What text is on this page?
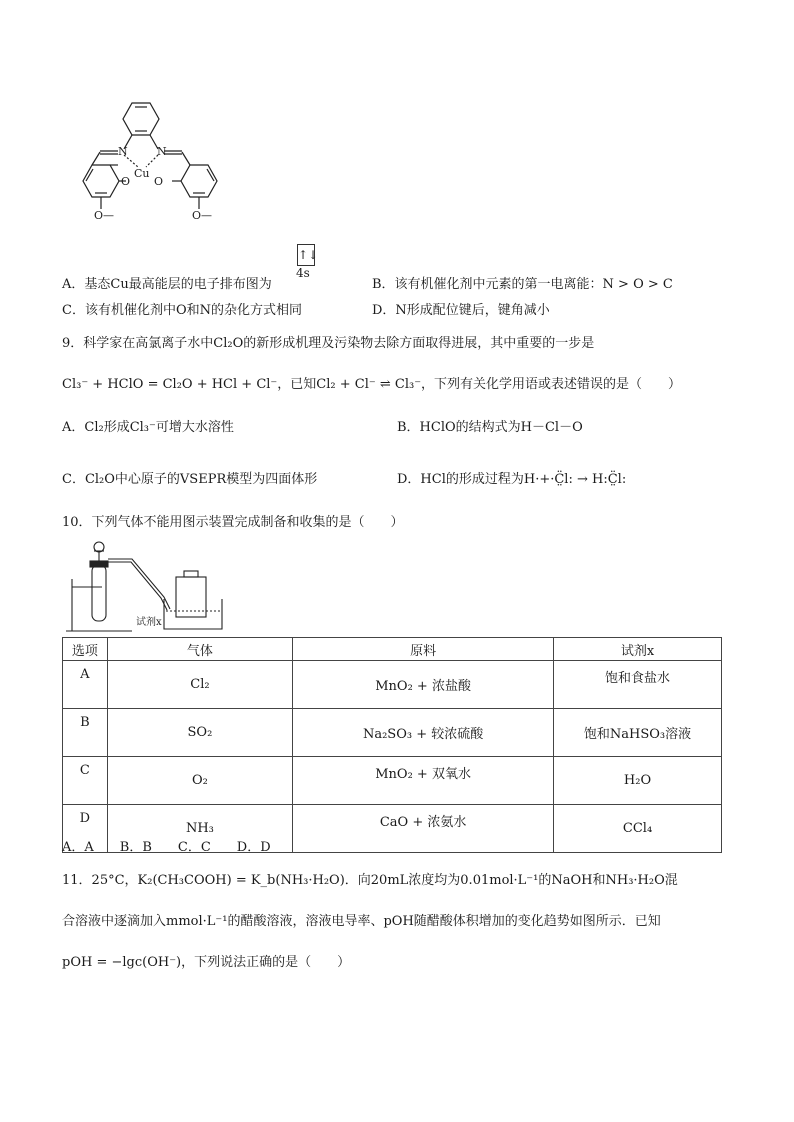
N	N
Cu
O O
O—	O—
↑↓
4s
A．基态Cu最高能层的电子排布图为	B．该有机催化剂中元素的第一电离能：N > O > C
C．该有机催化剂中O和N的杂化方式相同	D．N形成配位键后，键角减小
9．科学家在高氯离子水中Cl₂O的新形成机理及污染物去除方面取得进展，其中重要的一步是
Cl₃⁻ + HClO = Cl₂O + HCl + Cl⁻，已知Cl₂ + Cl⁻ ⇌ Cl₃⁻，下列有关化学用语或表述错误的是（　　）
A．Cl₂形成Cl₃⁻可增大水溶性	B．HClO的结构式为H－Cl－O
C．Cl₂O中心原子的VSEPR模型为四面体形	D．HCl的形成过程为H·+·C̤̈l: → H:C̤̈l:
10．下列气体不能用图示装置完成制备和收集的是（　　）
试剂x
选项	气体	原料	试剂x
A	Cl₂	MnO₂ + 浓盐酸	饱和食盐水
B	SO₂	Na₂SO₃ + 较浓硫酸	饱和NaHSO₃溶液
C	O₂	MnO₂ + 双氧水	H₂O
D	NH₃	CaO + 浓氨水	CCl₄
A．A　　B．B　　C．C　　D．D
11．25°C，K₂(CH₃COOH) = K_b(NH₃·H₂O)．向20mL浓度均为0.01mol·L⁻¹的NaOH和NH₃·H₂O混
合溶液中逐滴加入mmol·L⁻¹的醋酸溶液，溶液电导率、pOH随醋酸体积增加的变化趋势如图所示．已知
pOH = −lgc(OH⁻)，下列说法正确的是（　　）
